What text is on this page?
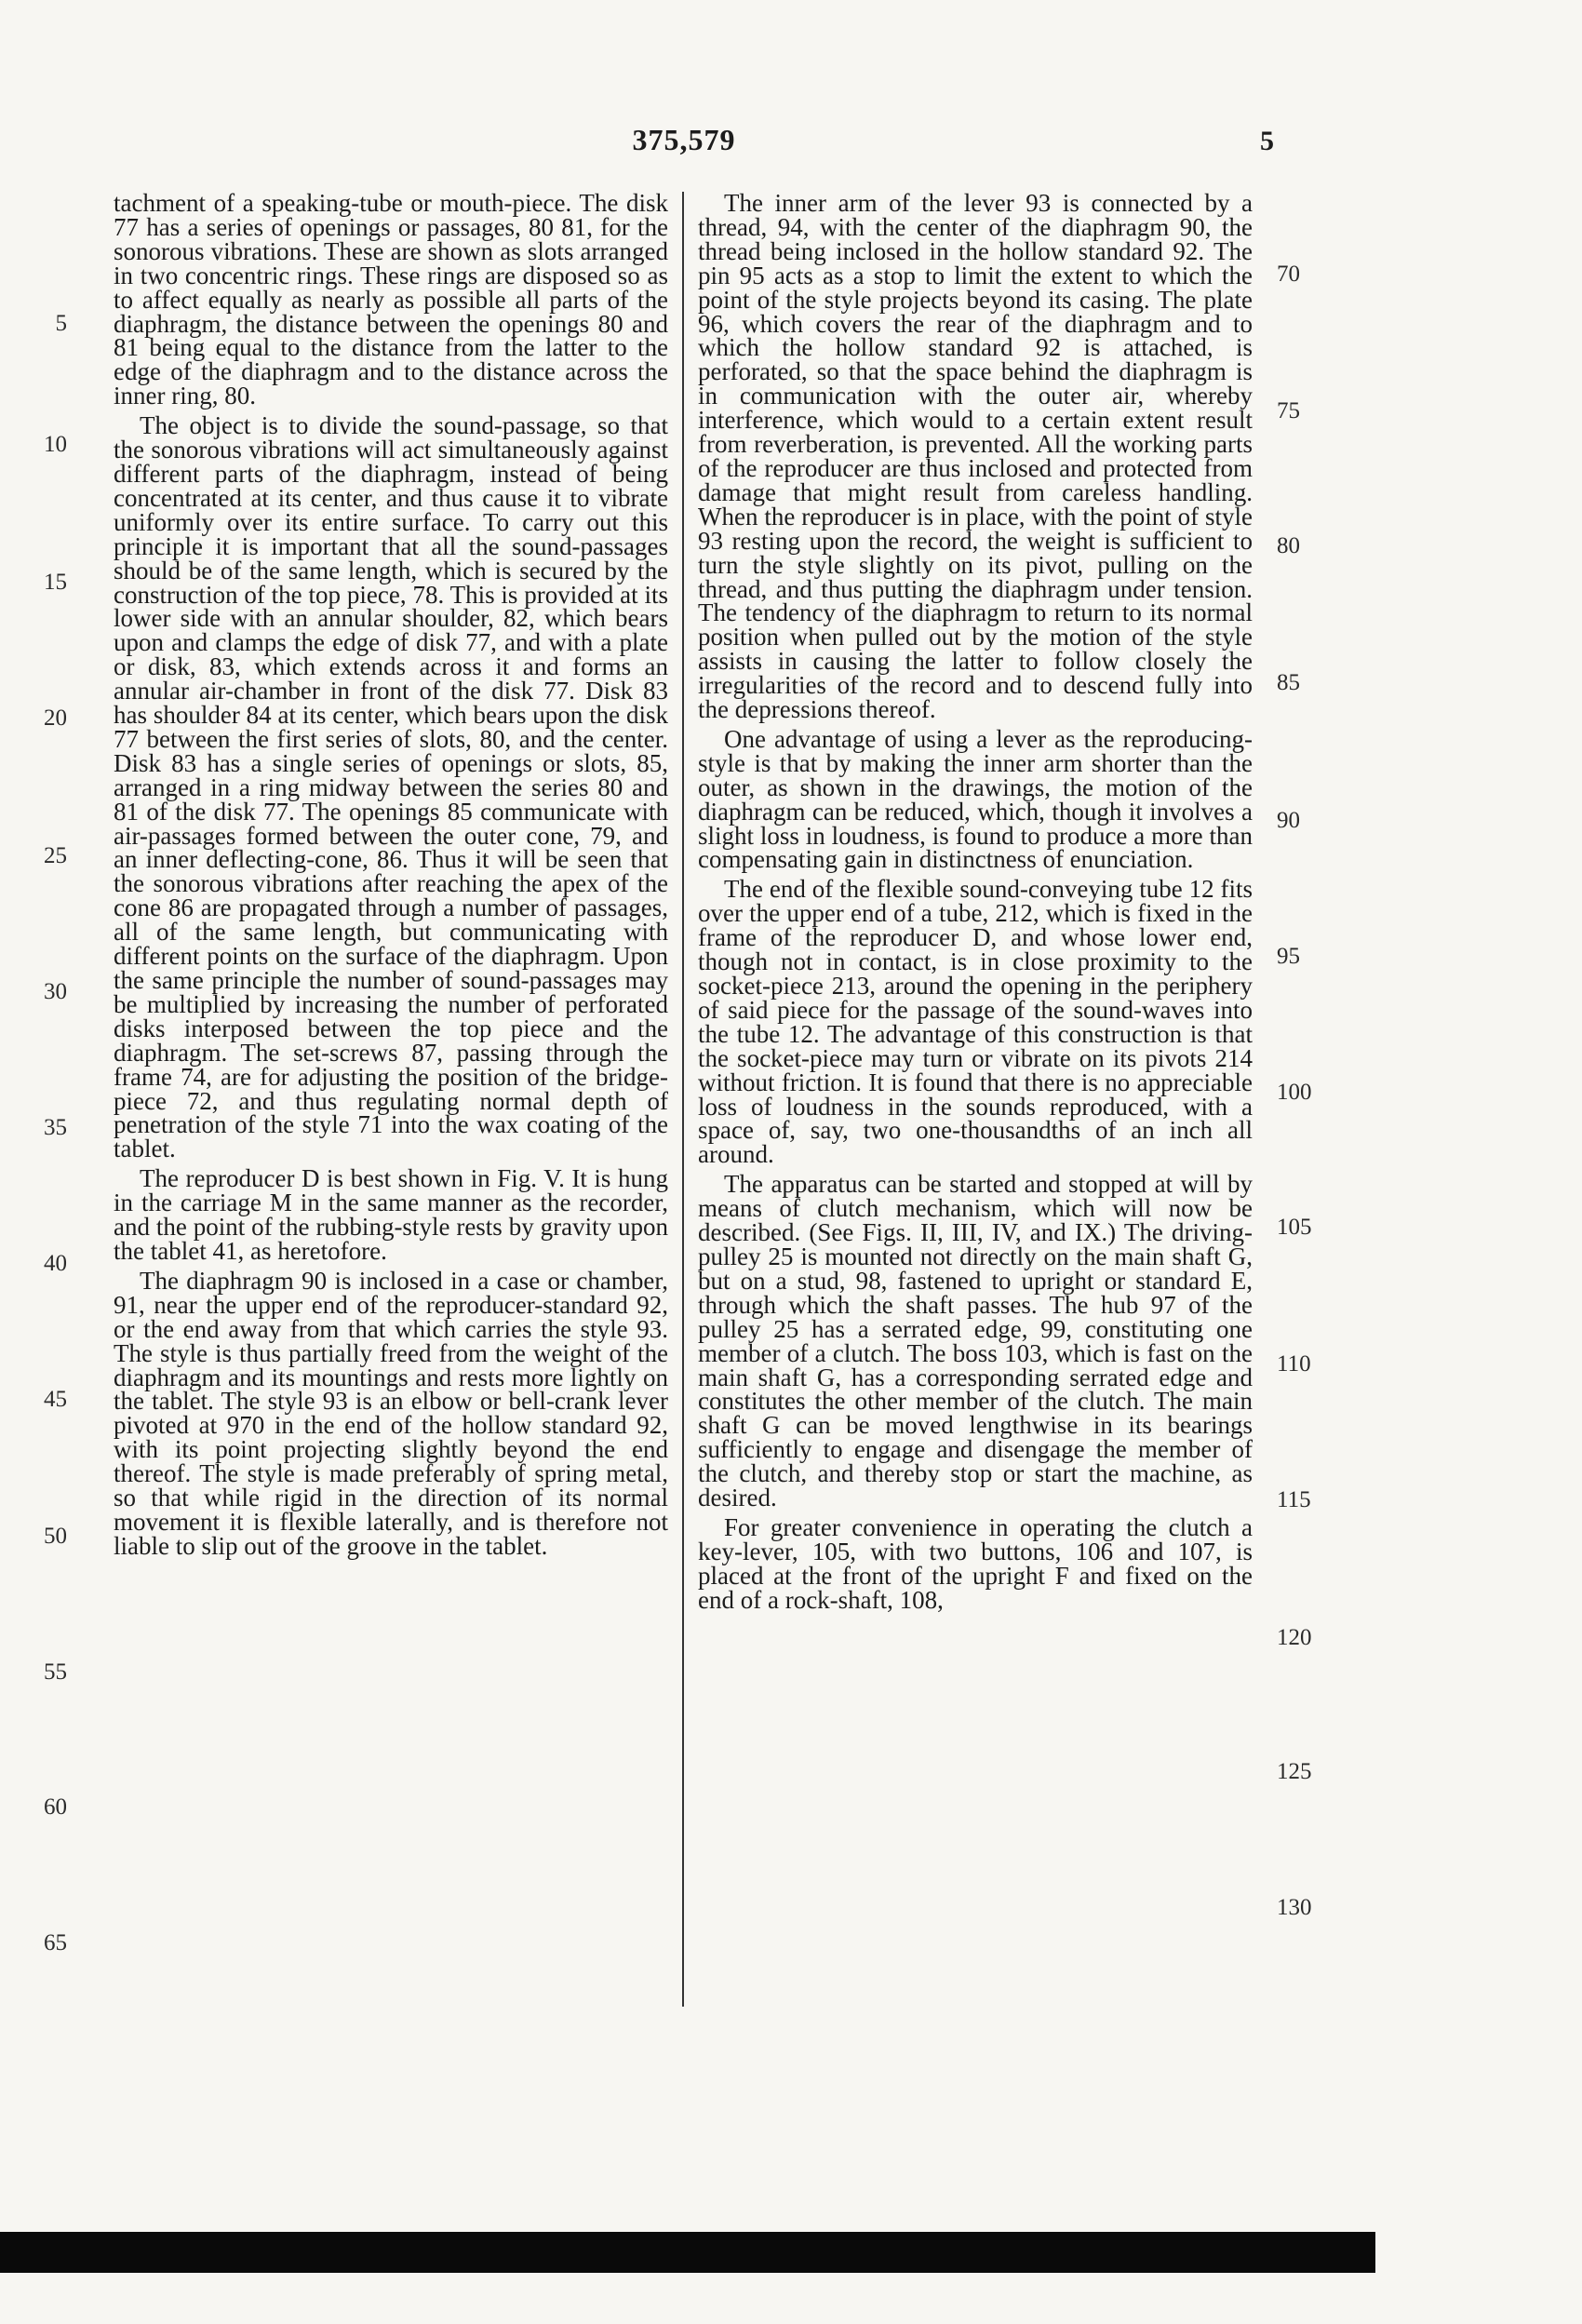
375,579	5

tachment of a speaking-tube or mouth-piece. The disk 77 has a series of openings or passages, 80 81, for the sonorous vibrations. These are shown as slots arranged in two concentric rings. These rings are disposed so as to affect equally as nearly as possible all parts of the diaphragm, the distance between the openings 80 and 81 being equal to the distance from the latter to the edge of the diaphragm and to the distance across the inner ring, 80.

The object is to divide the sound-passage, so that the sonorous vibrations will act simultaneously against different parts of the diaphragm, instead of being concentrated at its center, and thus cause it to vibrate uniformly over its entire surface. To carry out this principle it is important that all the sound-passages should be of the same length, which is secured by the construction of the top piece, 78. This is provided at its lower side with an annular shoulder, 82, which bears upon and clamps the edge of disk 77, and with a plate or disk, 83, which extends across it and forms an annular air-chamber in front of the disk 77. Disk 83 has shoulder 84 at its center, which bears upon the disk 77 between the first series of slots, 80, and the center. Disk 83 has a single series of openings or slots, 85, arranged in a ring midway between the series 80 and 81 of the disk 77. The openings 85 communicate with air-passages formed between the outer cone, 79, and an inner deflecting-cone, 86. Thus it will be seen that the sonorous vibrations after reaching the apex of the cone 86 are propagated through a number of passages, all of the same length, but communicating with different points on the surface of the diaphragm. Upon the same principle the number of sound-passages may be multiplied by increasing the number of perforated disks interposed between the top piece and the diaphragm. The set-screws 87, passing through the frame 74, are for adjusting the position of the bridge-piece 72, and thus regulating normal depth of penetration of the style 71 into the wax coating of the tablet.

The reproducer D is best shown in Fig. V. It is hung in the carriage M in the same manner as the recorder, and the point of the rubbing-style rests by gravity upon the tablet 41, as heretofore.

The diaphragm 90 is inclosed in a case or chamber, 91, near the upper end of the reproducer-standard 92, or the end away from that which carries the style 93. The style is thus partially freed from the weight of the diaphragm and its mountings and rests more lightly on the tablet. The style 93 is an elbow or bell-crank lever pivoted at 970 in the end of the hollow standard 92, with its point projecting slightly beyond the end thereof. The style is made preferably of spring metal, so that while rigid in the direction of its normal movement it is flexible laterally, and is therefore not liable to slip out of the groove in the tablet.

The inner arm of the lever 93 is connected by a thread, 94, with the center of the diaphragm 90, the thread being inclosed in the hollow standard 92. The pin 95 acts as a stop to limit the extent to which the point of the style projects beyond its casing. The plate 96, which covers the rear of the diaphragm and to which the hollow standard 92 is attached, is perforated, so that the space behind the diaphragm is in communication with the outer air, whereby interference, which would to a certain extent result from reverberation, is prevented. All the working parts of the reproducer are thus inclosed and protected from damage that might result from careless handling. When the reproducer is in place, with the point of style 93 resting upon the record, the weight is sufficient to turn the style slightly on its pivot, pulling on the thread, and thus putting the diaphragm under tension. The tendency of the diaphragm to return to its normal position when pulled out by the motion of the style assists in causing the latter to follow closely the irregularities of the record and to descend fully into the depressions thereof.

One advantage of using a lever as the reproducing-style is that by making the inner arm shorter than the outer, as shown in the drawings, the motion of the diaphragm can be reduced, which, though it involves a slight loss in loudness, is found to produce a more than compensating gain in distinctness of enunciation.

The end of the flexible sound-conveying tube 12 fits over the upper end of a tube, 212, which is fixed in the frame of the reproducer D, and whose lower end, though not in contact, is in close proximity to the socket-piece 213, around the opening in the periphery of said piece for the passage of the sound-waves into the tube 12. The advantage of this construction is that the socket-piece may turn or vibrate on its pivots 214 without friction. It is found that there is no appreciable loss of loudness in the sounds reproduced, with a space of, say, two one-thousandths of an inch all around.

The apparatus can be started and stopped at will by means of clutch mechanism, which will now be described. (See Figs. II, III, IV, and IX.) The driving-pulley 25 is mounted not directly on the main shaft G, but on a stud, 98, fastened to upright or standard E, through which the shaft passes. The hub 97 of the pulley 25 has a serrated edge, 99, constituting one member of a clutch. The boss 103, which is fast on the main shaft G, has a corresponding serrated edge and constitutes the other member of the clutch. The main shaft G can be moved lengthwise in its bearings sufficiently to engage and disengage the member of the clutch, and thereby stop or start the machine, as desired.

For greater convenience in operating the clutch a key-lever, 105, with two buttons, 106 and 107, is placed at the front of the upright F and fixed on the end of a rock-shaft, 108,

5
10
15
20
25
30
35
40
45
50
55
60
65
70
75
80
85
90
95
100
105
110
115
120
125
130
